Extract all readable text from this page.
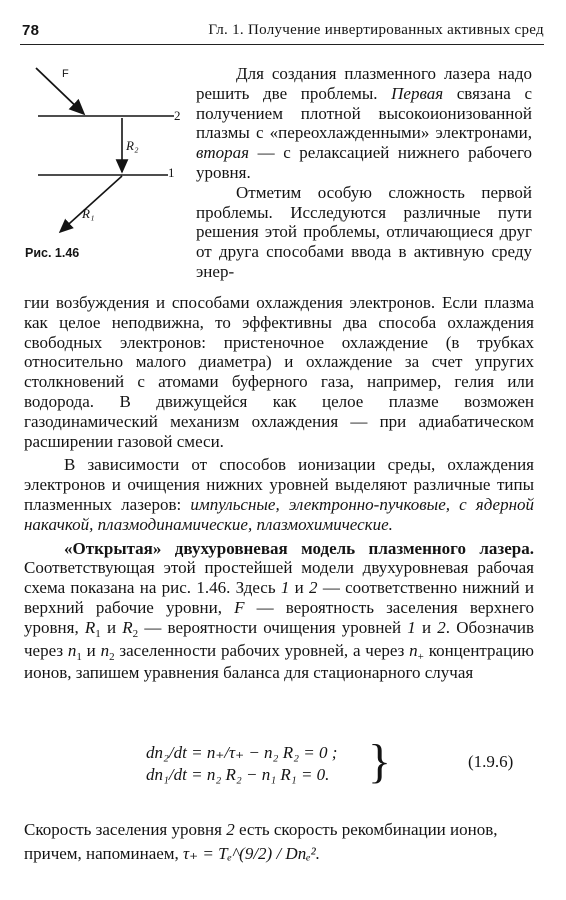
78	Гл. 1. Получение инвертированных активных сред
F
2
1
R₂
R₁
Рис. 1.46

Для создания плазменного лазера надо решить две проблемы. Первая связана с получением плотной высокоионизованной плазмы с «переохлажденными» электронами, вторая — с релаксацией нижнего рабочего уровня.

Отметим особую сложность первой проблемы. Исследуются различные пути решения этой проблемы, отличающиеся друг от друга способами ввода в активную среду энер-

гии возбуждения и способами охлаждения электронов. Если плазма как целое неподвижна, то эффективны два способа охлаждения свободных электронов: пристеночное охлаждение (в трубках относительно малого диаметра) и охлаждение за счет упругих столкновений с атомами буферного газа, например, гелия или водорода. В движущейся как целое плазме возможен газодинамический механизм охлаждения — при адиабатическом расширении газовой смеси.

В зависимости от способов ионизации среды, охлаждения электронов и очищения нижних уровней выделяют различные типы плазменных лазеров: импульсные, электронно-пучковые, с ядерной накачкой, плазмодинамические, плазмохимические.

«Открытая» двухуровневая модель плазменного лазера. Соответствующая этой простейшей модели двухуровневая рабочая схема показана на рис. 1.46. Здесь 1 и 2 — соответственно нижний и верхний рабочие уровни, F — вероятность заселения верхнего уровня, $R_1$ и $R_2$ — вероятности очищения уровней 1 и 2. Обозначив через $n_1$ и $n_2$ заселенности рабочих уровней, а через $n_+$ концентрацию ионов, запишем уравнения баланса для стационарного случая

dn₂/dt = n₊/τ₊ − n₂ R₂ = 0 ;
dn₁/dt = n₂ R₂ − n₁ R₁ = 0. }	(1.9.6)
Скорость заселения уровня 2 есть скорость рекомбинации ионов, причем, напоминаем, τ₊ = Tₑ^(9/2) / Dnₑ².
